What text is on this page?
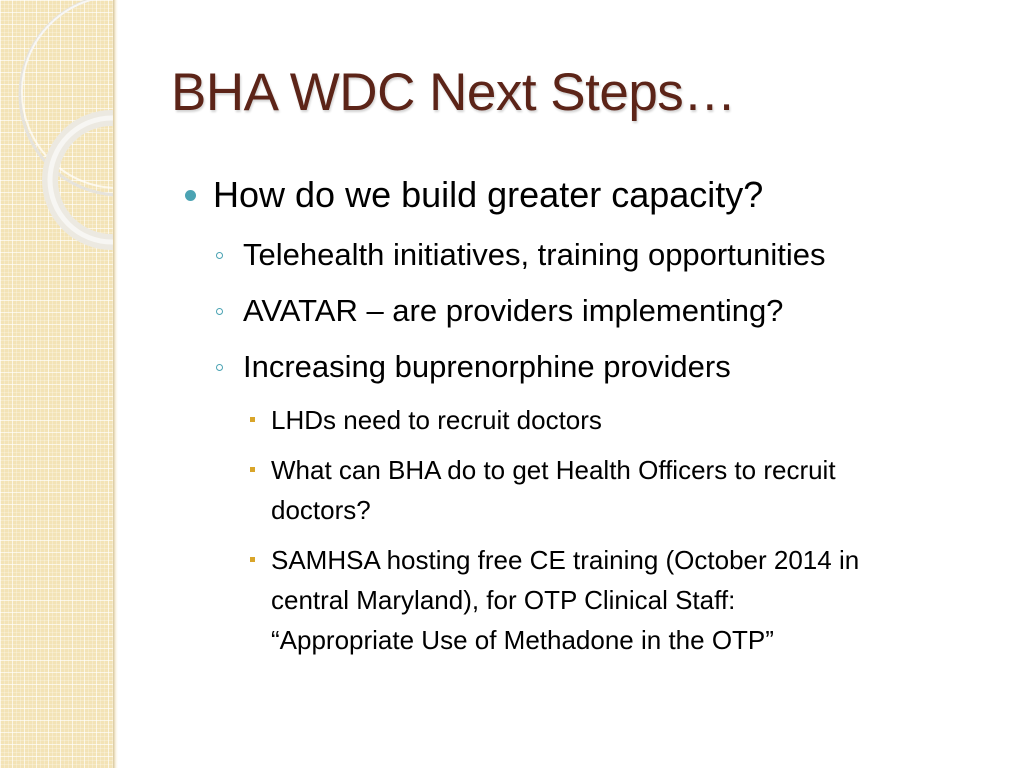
BHA WDC Next Steps…
How do we build greater capacity?
Telehealth initiatives, training opportunities
AVATAR – are providers implementing?
Increasing buprenorphine providers
LHDs need to recruit doctors
What can BHA do to get Health Officers to recruit
doctors?
SAMHSA hosting free CE training (October 2014 in
central Maryland), for OTP Clinical Staff:
“Appropriate Use of Methadone in the OTP”
